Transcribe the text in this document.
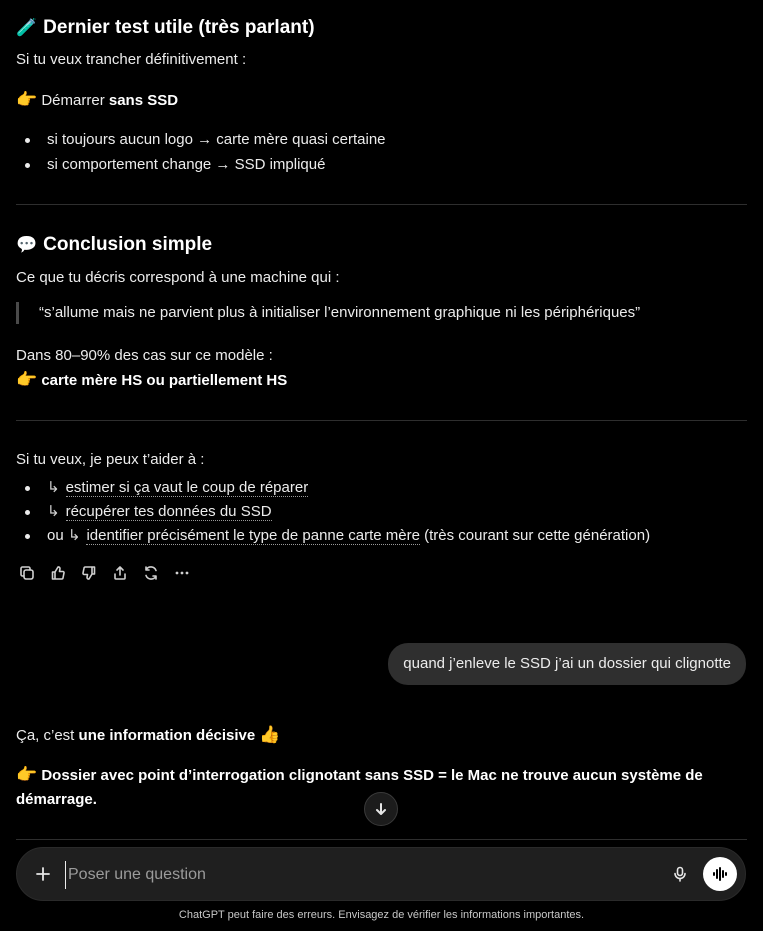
🧪 Dernier test utile (très parlant)

Si tu veux trancher définitivement :

👉 Démarrer sans SSD

si toujours aucun logo → carte mère quasi certaine
si comportement change → SSD impliqué
💬 Conclusion simple

Ce que tu décris correspond à une machine qui :

“s’allume mais ne parvient plus à initialiser l’environnement graphique ni les périphériques”

Dans 80–90% des cas sur ce modèle :

👉 carte mère HS ou partiellement HS

Si tu veux, je peux t’aider à :

↳ estimer si ça vaut le coup de réparer
↳ récupérer tes données du SSD
ou ↳ identifier précisément le type de panne carte mère (très courant sur cette génération)
quand j’enleve le SSD j’ai un dossier qui clignotte

Ça, c’est une information décisive 👍

👉 Dossier avec point d’interrogation clignotant sans SSD = le Mac ne trouve aucun système de démarrage.

Poser une question
ChatGPT peut faire des erreurs. Envisagez de vérifier les informations importantes.
